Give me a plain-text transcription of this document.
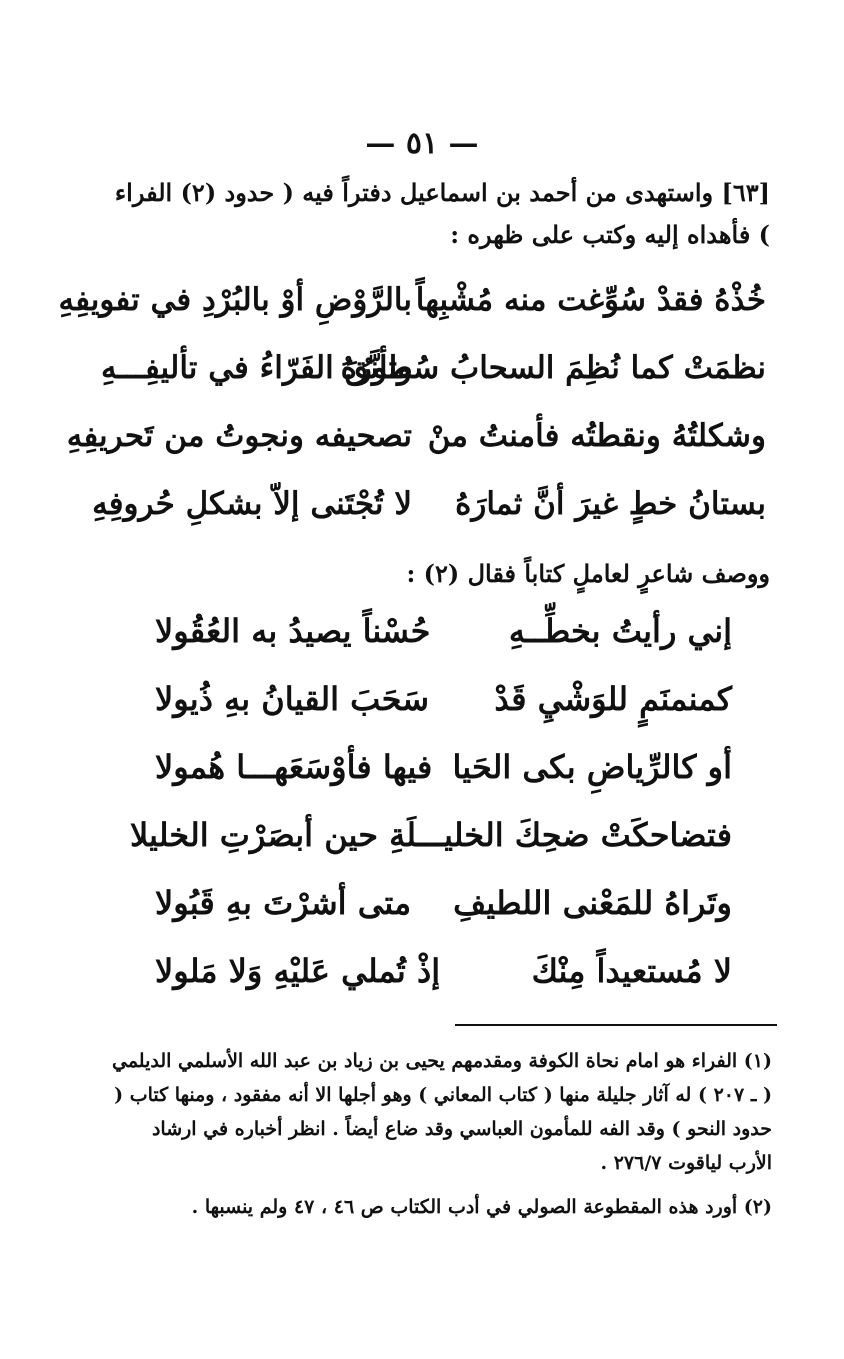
— ٥١ —
[٦٣] واستهدى من أحمد بن اسماعيل دفتراً فيه ( حدود (٢) الفراء ) فأهداه إليه وكتب على ظهره :
خُذْهُ فقدْ سُوِّغت منه مُشْبِهاً
بالرَّوْضِ أوْ بالبُرْدِ في تفويفِهِ
نظمَتْ كما نُظِمَ السحابُ سُطورُهُ
وتأنَّقَ الفَرّاءُ في تأليفِـــهِ
وشكلتُهُ ونقطتُه فأمنتُ منْ
تصحيفه ونجوتُ من تَحريفِهِ
بستانُ خطٍ غيرَ أنَّ ثمارَهُ
لا تُجْتَنى إلاّ بشكلِ حُروفِهِ
ووصف شاعرٍ لعاملٍ كتاباً فقال (٢) :
إني رأيتُ بخطِّــهِ
حُسْناً يصيدُ به العُقُولا
كمنمنَمٍ للوَشْيِ قَدْ
سَحَبَ القيانُ بهِ ذُيولا
أو كالرِّياضِ بكى الحَيا
فيها فأوْسَعَهـــا هُمولا
فتضاحكَتْ ضحِكَ الخليـــ
ـــلَةِ حين أبصَرْتِ الخليلا
وتَراهُ للمَعْنى اللطيفِ
متى أشرْتَ بهِ قَبُولا
لا مُستعيداً مِنْكَ
إذْ تُملي عَليْهِ وَلا مَلولا

(١) الفراء هو امام نحاة الكوفة ومقدمهم يحيى بن زياد بن عبد الله الأسلمي الديلمي ( ـ ٢٠٧ ) له آثار جليلة منها ( كتاب المعاني ) وهو أجلها الا أنه مفقود ، ومنها كتاب ( حدود النحو ) وقد الفه للمأمون العباسي وقد ضاع أيضاً . انظر أخباره في ارشاد الأرب لياقوت ٢٧٦/٧ .

(٢) أورد هذه المقطوعة الصولي في أدب الكتاب ص ٤٦ ، ٤٧ ولم ينسبها .
